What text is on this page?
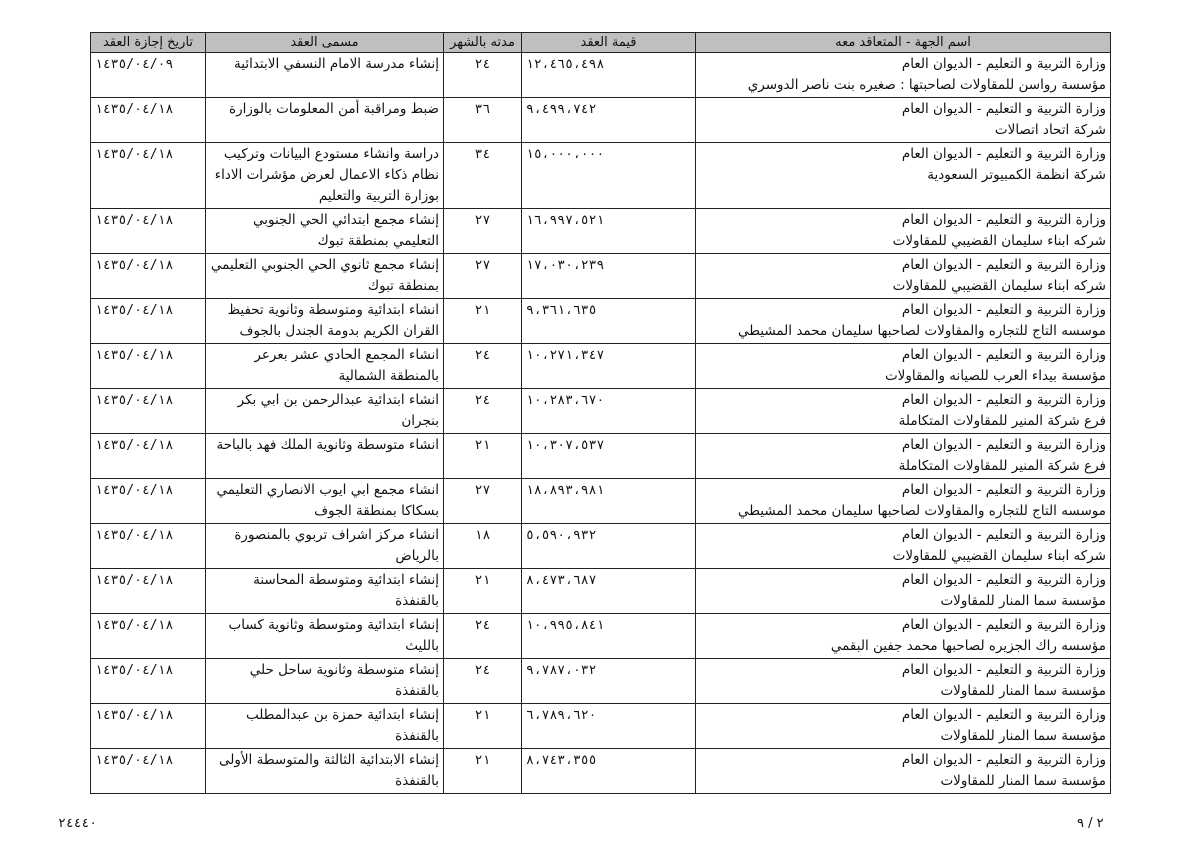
اسم الجهة - المتعاقد معه	قيمة العقد	مدته بالشهر	مسمى العقد	تاريخ إجازة العقد

وزارة التربية و التعليم - الديوان العام
مؤسسة رواسن للمقاولات لصاحبتها : صغيره بنت ناصر الدوسري	١٢،٤٦٥،٤٩٨	٢٤	إنشاء مدرسة الامام النسفي الابتدائية	١٤٣٥/٠٤/٠٩

وزارة التربية و التعليم - الديوان العام
شركة اتحاد اتصالات	٩،٤٩٩،٧٤٢	٣٦	ضبط ومراقبة أمن المعلومات بالوزارة	١٤٣٥/٠٤/١٨

وزارة التربية و التعليم - الديوان العام
شركة انظمة الكمبيوتر السعودية	١٥،٠٠٠،٠٠٠	٣٤	دراسة وانشاء مستودع البيانات وتركيب نظام ذكاء الاعمال لعرض مؤشرات الاداء بوزارة التربية والتعليم	١٤٣٥/٠٤/١٨

وزارة التربية و التعليم - الديوان العام
شركه ابناء سليمان القضيبي للمقاولات	١٦،٩٩٧،٥٢١	٢٧	إنشاء مجمع ابتدائي الحي الجنوبي التعليمي بمنطقة تبوك	١٤٣٥/٠٤/١٨

وزارة التربية و التعليم - الديوان العام
شركه ابناء سليمان القضيبي للمقاولات	١٧،٠٣٠،٢٣٩	٢٧	إنشاء مجمع ثانوي الحي الجنوبي التعليمي بمنطقة تبوك	١٤٣٥/٠٤/١٨

وزارة التربية و التعليم - الديوان العام
موسسه التاج للتجاره والمقاولات لصاحبها سليمان محمد المشيطي	٩،٣٦١،٦٣٥	٢١	انشاء ابتدائية ومتوسطة وثانوية تحفيظ القران الكريم بدومة الجندل بالجوف	١٤٣٥/٠٤/١٨

وزارة التربية و التعليم - الديوان العام
مؤسسة بيداء العرب للصيانه والمقاولات	١٠،٢٧١،٣٤٧	٢٤	انشاء المجمع الحادي عشر بعرعر بالمنطقة الشمالية	١٤٣٥/٠٤/١٨

وزارة التربية و التعليم - الديوان العام
فرع شركة المنير للمقاولات المتكاملة	١٠،٢٨٣،٦٧٠	٢٤	انشاء ابتدائية عبدالرحمن بن ابي بكر بنجران	١٤٣٥/٠٤/١٨

وزارة التربية و التعليم - الديوان العام
فرع شركة المنير للمقاولات المتكاملة	١٠،٣٠٧،٥٣٧	٢١	انشاء متوسطة وثانوية الملك فهد بالباحة	١٤٣٥/٠٤/١٨

وزارة التربية و التعليم - الديوان العام
موسسه التاج للتجاره والمقاولات لصاحبها سليمان محمد المشيطي	١٨،٨٩٣،٩٨١	٢٧	انشاء مجمع ابي ايوب الانصاري التعليمي بسكاكا بمنطقة الجوف	١٤٣٥/٠٤/١٨

وزارة التربية و التعليم - الديوان العام
شركه ابناء سليمان القضيبي للمقاولات	٥،٥٩٠،٩٣٢	١٨	انشاء مركز اشراف تربوي بالمنصورة بالرياض	١٤٣٥/٠٤/١٨

وزارة التربية و التعليم - الديوان العام
مؤسسة سما المنار للمقاولات	٨،٤٧٣،٦٨٧	٢١	إنشاء ابتدائية ومتوسطة المحاسنة بالقنفذة	١٤٣٥/٠٤/١٨

وزارة التربية و التعليم - الديوان العام
مؤسسه راك الجزيره لصاحبها محمد جفين البقمي	١٠،٩٩٥،٨٤١	٢٤	إنشاء ابتدائية ومتوسطة وثانوية كساب بالليث	١٤٣٥/٠٤/١٨

وزارة التربية و التعليم - الديوان العام
مؤسسة سما المنار للمقاولات	٩،٧٨٧،٠٣٢	٢٤	إنشاء متوسطة وثانوية ساحل حلي بالقنفذة	١٤٣٥/٠٤/١٨

وزارة التربية و التعليم - الديوان العام
مؤسسة سما المنار للمقاولات	٦،٧٨٩،٦٢٠	٢١	إنشاء ابتدائية حمزة بن عبدالمطلب بالقنفذة	١٤٣٥/٠٤/١٨

وزارة التربية و التعليم - الديوان العام
مؤسسة سما المنار للمقاولات	٨،٧٤٣،٣٥٥	٢١	إنشاء الابتدائية الثالثة والمتوسطة الأولى بالقنفذة	١٤٣٥/٠٤/١٨
٢٤٤٤٠	٢ / ٩
